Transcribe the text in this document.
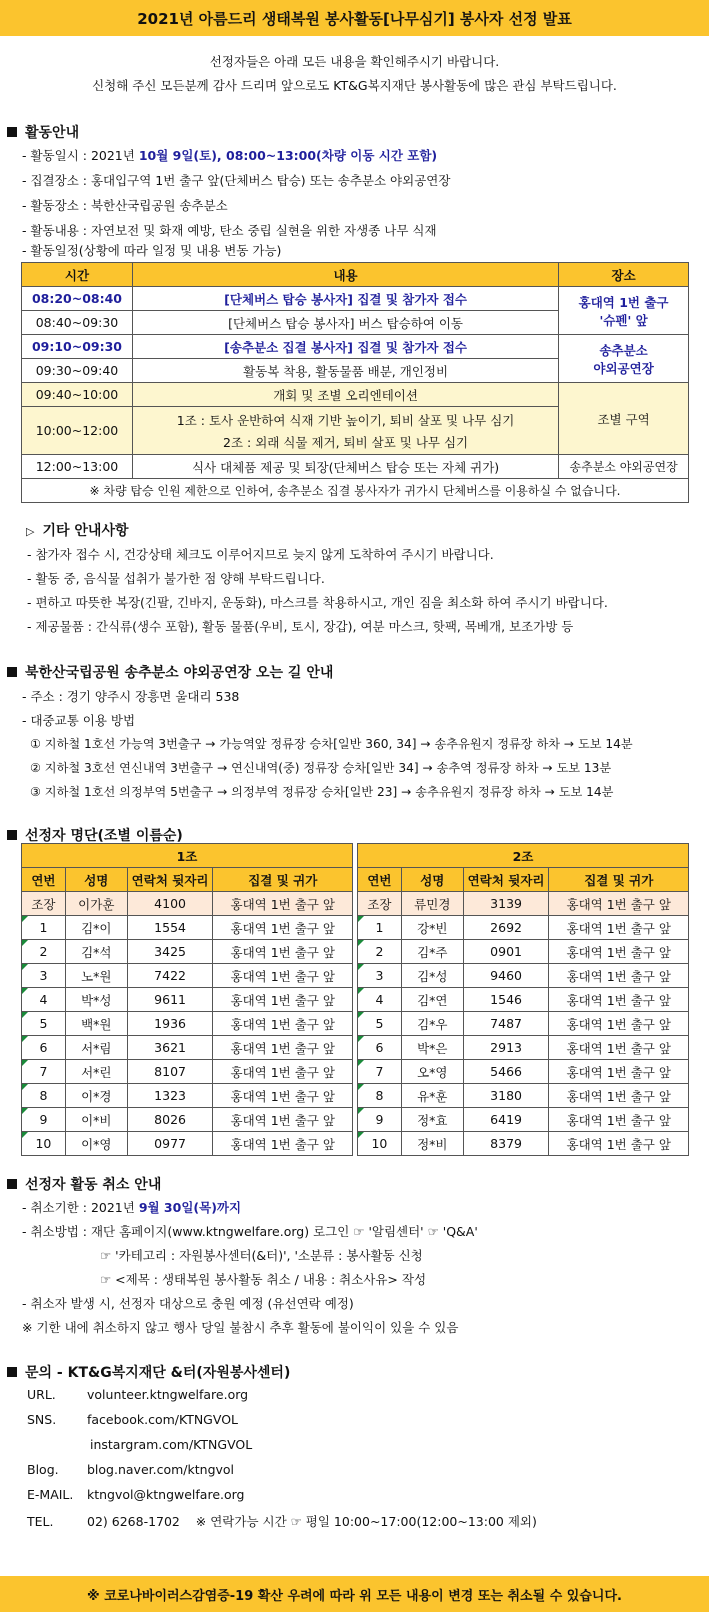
2021년 아름드리 생태복원 봉사활동[나무심기] 봉사자 선정 발표
선정자들은 아래 모든 내용을 확인해주시기 바랍니다.
신청해 주신 모든분께 감사 드리며 앞으로도 KT&G복지재단 봉사활동에 많은 관심 부탁드립니다.
활동안내
- 활동일시 : 2021년 10월 9일(토), 08:00~13:00(차량 이동 시간 포함)
- 집결장소 : 홍대입구역 1번 출구 앞(단체버스 탑승) 또는 송추분소 야외공연장
- 활동장소 : 북한산국립공원 송추분소
- 활동내용 : 자연보전 및 화재 예방, 탄소 중립 실현을 위한 자생종 나무 식재
- 활동일정(상황에 따라 일정 및 내용 변동 가능)
시간	내용	장소
08:20~08:40	[단체버스 탑승 봉사자] 집결 및 참가자 접수	홍대역 1번 출구
'슈펜' 앞

08:40~09:30	[단체버스 탑승 봉사자] 버스 탑승하여 이동	
09:10~09:30	[송추분소 집결 봉사자] 집결 및 참가자 접수	송추분소
야외공연장

09:30~09:40	활동복 착용, 활동물품 배분, 개인정비	
09:40~10:00	개회 및 조별 오리엔테이션	조별 구역
10:00~12:00	1조 : 토사 운반하여 식재 기반 높이기, 퇴비 살포 및 나무 심기	
	2조 : 외래 식물 제거, 퇴비 살포 및 나무 심기	
12:00~13:00	식사 대체품 제공 및 퇴장(단체버스 탑승 또는 자체 귀가)	송추분소 야외공연장
※ 차량 탑승 인원 제한으로 인하여, 송추분소 집결 봉사자가 귀가시 단체버스를 이용하실 수 없습니다.		
▷ 기타 안내사항
- 참가자 접수 시, 건강상태 체크도 이루어지므로 늦지 않게 도착하여 주시기 바랍니다.
- 활동 중, 음식물 섭취가 불가한 점 양해 부탁드립니다.
- 편하고 따뜻한 복장(긴팔, 긴바지, 운동화), 마스크를 착용하시고, 개인 짐을 최소화 하여 주시기 바랍니다.
- 제공물품 : 간식류(생수 포함), 활동 물품(우비, 토시, 장갑), 여분 마스크, 핫팩, 목베개, 보조가방 등
북한산국립공원 송추분소 야외공연장 오는 길 안내
- 주소 : 경기 양주시 장흥면 울대리 538
- 대중교통 이용 방법
① 지하철 1호선 가능역 3번출구 → 가능역앞 정류장 승차[일반 360, 34] → 송추유원지 정류장 하차 → 도보 14분
② 지하철 3호선 연신내역 3번출구 → 연신내역(중) 정류장 승차[일반 34] → 송추역 정류장 하차 → 도보 13분
③ 지하철 1호선 의정부역 5번출구 → 의정부역 정류장 승차[일반 23] → 송추유원지 정류장 하차 → 도보 14분
선정자 명단(조별 이름순)
1조			
연번	성명	연락처 뒷자리	집결 및 귀가
조장	이가훈	4100	홍대역 1번 출구 앞
1	김*이	1554	홍대역 1번 출구 앞
2	김*석	3425	홍대역 1번 출구 앞
3	노*원	7422	홍대역 1번 출구 앞
4	박*성	9611	홍대역 1번 출구 앞
5	백*원	1936	홍대역 1번 출구 앞
6	서*림	3621	홍대역 1번 출구 앞
7	서*린	8107	홍대역 1번 출구 앞
8	이*경	1323	홍대역 1번 출구 앞
9	이*비	8026	홍대역 1번 출구 앞
10	이*영	0977	홍대역 1번 출구 앞
2조			
연번	성명	연락처 뒷자리	집결 및 귀가
조장	류민경	3139	홍대역 1번 출구 앞
1	강*빈	2692	홍대역 1번 출구 앞
2	김*주	0901	홍대역 1번 출구 앞
3	김*성	9460	홍대역 1번 출구 앞
4	김*연	1546	홍대역 1번 출구 앞
5	김*우	7487	홍대역 1번 출구 앞
6	박*은	2913	홍대역 1번 출구 앞
7	오*영	5466	홍대역 1번 출구 앞
8	유*훈	3180	홍대역 1번 출구 앞
9	정*효	6419	홍대역 1번 출구 앞
10	정*비	8379	홍대역 1번 출구 앞
선정자 활동 취소 안내
- 취소기한 : 2021년 9월 30일(목)까지
- 취소방법 : 재단 홈페이지(www.ktngwelfare.org) 로그인 ☞ '알림센터' ☞ 'Q&A'
☞ '카테고리 : 자원봉사센터(&터)', '소분류 : 봉사활동 신청
☞ <제목 : 생태복원 봉사활동 취소 / 내용 : 취소사유> 작성
- 취소자 발생 시, 선정자 대상으로 충원 예정 (유선연락 예정)
※ 기한 내에 취소하지 않고 행사 당일 불참시 추후 활동에 불이익이 있을 수 있음
문의 - KT&G복지재단 &터(자원봉사센터)
URL. volunteer.ktngwelfare.org
SNS. facebook.com/KTNGVOL
instargram.com/KTNGVOL
Blog. blog.naver.com/ktngvol
E-MAIL. ktngvol@ktngwelfare.org
TEL.	02) 6268-1702    ※ 연락가능 시간 ☞ 평일 10:00~17:00(12:00~13:00 제외)
※ 코로나바이러스감염증-19 확산 우려에 따라 위 모든 내용이 변경 또는 취소될 수 있습니다.
